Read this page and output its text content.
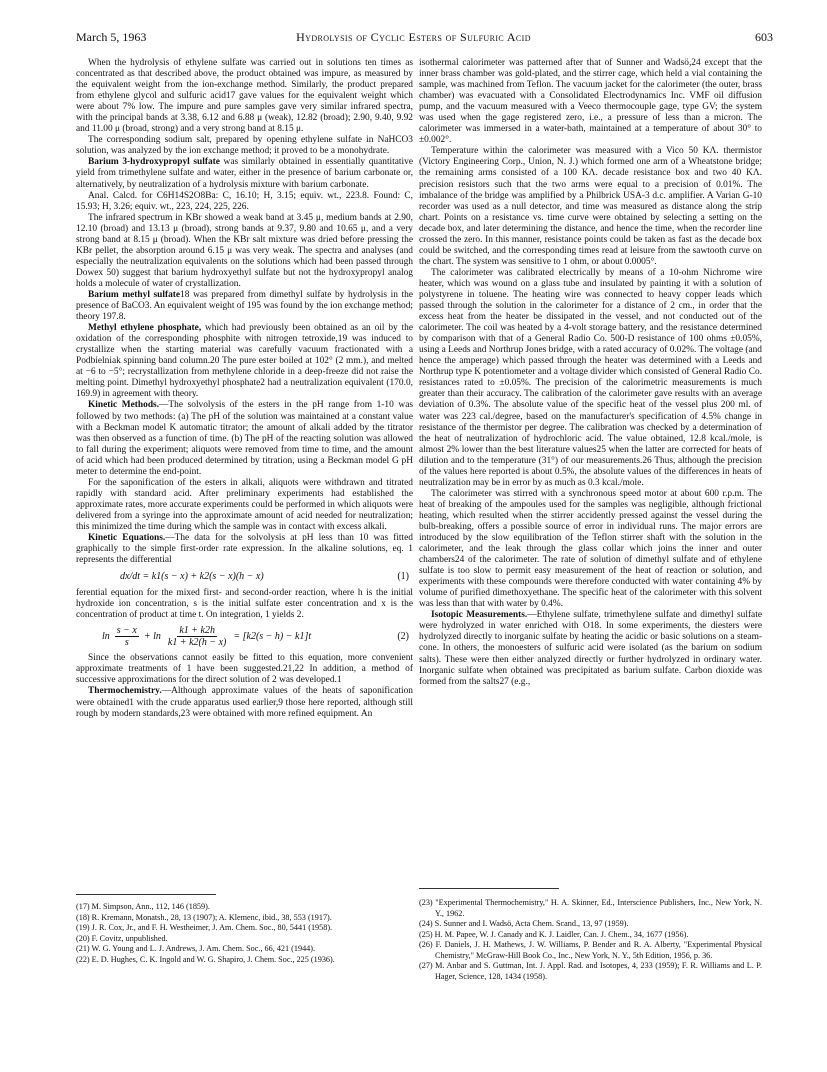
March 5, 1963	Hydrolysis of Cyclic Esters of Sulfuric Acid	603

When the hydrolysis of ethylene sulfate was carried out in solutions ten times as concentrated as that described above, the product obtained was impure, as measured by the equivalent weight from the ion-exchange method. Similarly, the product prepared from ethylene glycol and sulfuric acid17 gave values for the equivalent weight which were about 7% low. The impure and pure samples gave very similar infrared spectra, with the principal bands at 3.38, 6.12 and 6.88 μ (weak), 12.82 (broad); 2.90, 9.40, 9.92 and 11.00 μ (broad, strong) and a very strong band at 8.15 μ.

The corresponding sodium salt, prepared by opening ethylene sulfate in NaHCO3 solution, was analyzed by the ion exchange method; it proved to be a monohydrate.

Barium 3-hydroxypropyl sulfate was similarly obtained in essentially quantitative yield from trimethylene sulfate and water, either in the presence of barium carbonate or, alternatively, by neutralization of a hydrolysis mixture with barium carbonate.

Anal. Calcd. for C6H14S2O8Ba: C, 16.10; H, 3.15; equiv. wt., 223.8. Found: C, 15.93; H, 3.26; equiv. wt., 223, 224, 225, 226.

The infrared spectrum in KBr showed a weak band at 3.45 μ, medium bands at 2.90, 12.10 (broad) and 13.13 μ (broad), strong bands at 9.37, 9.80 and 10.65 μ, and a very strong band at 8.15 μ (broad). When the KBr salt mixture was dried before pressing the KBr pellet, the absorption around 6.15 μ was very weak. The spectra and analyses (and especially the neutralization equivalents on the solutions which had been passed through Dowex 50) suggest that barium hydroxyethyl sulfate but not the hydroxypropyl analog holds a molecule of water of crystallization.

Barium methyl sulfate18 was prepared from dimethyl sulfate by hydrolysis in the presence of BaCO3. An equivalent weight of 195 was found by the ion exchange method; theory 197.8.

Methyl ethylene phosphate, which had previously been obtained as an oil by the oxidation of the corresponding phosphite with nitrogen tetroxide,19 was induced to crystallize when the starting material was carefully vacuum fractionated with a Podbielniak spinning band column.20 The pure ester boiled at 102° (2 mm.), and melted at −6 to −5°; recrystallization from methylene chloride in a deep-freeze did not raise the melting point. Dimethyl hydroxyethyl phosphate2 had a neutralization equivalent (170.0, 169.9) in agreement with theory.

Kinetic Methods.—The solvolysis of the esters in the pH range from 1-10 was followed by two methods: (a) The pH of the solution was maintained at a constant value with a Beckman model K automatic titrator; the amount of alkali added by the titrator was then observed as a function of time. (b) The pH of the reacting solution was allowed to fall during the experiment; aliquots were removed from time to time, and the amount of acid which had been produced determined by titration, using a Beckman model G pH meter to determine the end-point.

For the saponification of the esters in alkali, aliquots were withdrawn and titrated rapidly with standard acid. After preliminary experiments had established the approximate rates, more accurate experiments could be performed in which aliquots were delivered from a syringe into the approximate amount of acid needed for neutralization; this minimized the time during which the sample was in contact with excess alkali.

Kinetic Equations.—The data for the solvolysis at pH less than 10 was fitted graphically to the simple first-order rate expression. In the alkaline solutions, eq. 1 represents the differential

dx/dt = k1(s − x) + k2(s − x)(h − x)	(1)

ferential equation for the mixed first- and second-order reaction, where h is the initial hydroxide ion concentration, s is the initial sulfate ester concentration and x is the concentration of product at time t. On integration, 1 yields 2.

$\ln \frac{s - x}{s} + \ln \frac{k1 + k2h}{k1 + k2(h - x)} = [k2(s - h) - k1]t$	(2)

Since the observations cannot easily be fitted to this equation, more convenient approximate treatments of 1 have been suggested.21,22 In addition, a method of successive approximations for the direct solution of 2 was developed.1

Thermochemistry.—Although approximate values of the heats of saponification were obtained1 with the crude apparatus used earlier,9 those here reported, although still rough by modern standards,23 were obtained with more refined equipment. An

isothermal calorimeter was patterned after that of Sunner and Wadsö,24 except that the inner brass chamber was gold-plated, and the stirrer cage, which held a vial containing the sample, was machined from Teflon. The vacuum jacket for the calorimeter (the outer, brass chamber) was evacuated with a Consolidated Electrodynamics Inc. VMF oil diffusion pump, and the vacuum measured with a Veeco thermocouple gage, type GV; the system was used when the gage registered zero, i.e., a pressure of less than a micron. The calorimeter was immersed in a water-bath, maintained at a temperature of about 30° to ±0.002°.

Temperature within the calorimeter was measured with a Vico 50 KΛ. thermistor (Victory Engineering Corp., Union, N. J.) which formed one arm of a Wheatstone bridge; the remaining arms consisted of a 100 KΛ. decade resistance box and two 40 KΛ. precision resistors such that the two arms were equal to a precision of 0.01%. The imbalance of the bridge was amplified by a Philbrick USA-3 d.c. amplifier. A Varian G-10 recorder was used as a null detector, and time was measured as distance along the strip chart. Points on a resistance vs. time curve were obtained by selecting a setting on the decade box, and later determining the distance, and hence the time, when the recorder line crossed the zero. In this manner, resistance points could be taken as fast as the decade box could be switched, and the corresponding times read at leisure from the sawtooth curve on the chart. The system was sensitive to 1 ohm, or about 0.0005°.

The calorimeter was calibrated electrically by means of a 10-ohm Nichrome wire heater, which was wound on a glass tube and insulated by painting it with a solution of polystyrene in toluene. The heating wire was connected to heavy copper leads which passed through the solution in the calorimeter for a distance of 2 cm., in order that the excess heat from the heater be dissipated in the vessel, and not conducted out of the calorimeter. The coil was heated by a 4-volt storage battery, and the resistance determined by comparison with that of a General Radio Co. 500-D resistance of 100 ohms ±0.05%, using a Leeds and Northrup Jones bridge, with a rated accuracy of 0.02%. The voltage (and hence the amperage) which passed through the heater was determined with a Leeds and Northrup type K potentiometer and a voltage divider which consisted of General Radio Co. resistances rated to ±0.05%. The precision of the calorimetric measurements is much greater than their accuracy. The calibration of the calorimeter gave results with an average deviation of 0.3%. The absolute value of the specific heat of the vessel plus 200 ml. of water was 223 cal./degree, based on the manufacturer's specification of 4.5% change in resistance of the thermistor per degree. The calibration was checked by a determination of the heat of neutralization of hydrochloric acid. The value obtained, 12.8 kcal./mole, is almost 2% lower than the best literature values25 when the latter are corrected for heats of dilution and to the temperature (31°) of our measurements.26 Thus, although the precision of the values here reported is about 0.5%, the absolute values of the differences in heats of neutralization may be in error by as much as 0.3 kcal./mole.

The calorimeter was stirred with a synchronous speed motor at about 600 r.p.m. The heat of breaking of the ampoules used for the samples was negligible, although frictional heating, which resulted when the stirrer accidently pressed against the vessel during the bulb-breaking, offers a possible source of error in individual runs. The major errors are introduced by the slow equilibration of the Teflon stirrer shaft with the solution in the calorimeter, and the leak through the glass collar which joins the inner and outer chambers24 of the calorimeter. The rate of solution of dimethyl sulfate and of ethylene sulfate is too slow to permit easy measurement of the heat of reaction or solution, and experiments with these compounds were therefore conducted with water containing 4% by volume of purified dimethoxyethane. The specific heat of the calorimeter with this solvent was less than that with water by 0.4%.

Isotopic Measurements.—Ethylene sulfate, trimethylene sulfate and dimethyl sulfate were hydrolyzed in water enriched with O18. In some experiments, the diesters were hydrolyzed directly to inorganic sulfate by heating the acidic or basic solutions on a steam-cone. In others, the monoesters of sulfuric acid were isolated (as the barium on sodium salts). These were then either analyzed directly or further hydrolyzed in ordinary water. Inorganic sulfate when obtained was precipitated as barium sulfate. Carbon dioxide was formed from the salts27 (e.g.,

(17) M. Simpson, Ann., 112, 146 (1859).

(18) R. Kremann, Monatsh., 28, 13 (1907); A. Klemenc, ibid., 38, 553 (1917).

(19) J. R. Cox, Jr., and F. H. Westheimer, J. Am. Chem. Soc., 80, 5441 (1958).

(20) F. Covitz, unpublished.

(21) W. G. Young and L. J. Andrews, J. Am. Chem. Soc., 66, 421 (1944).

(22) E. D. Hughes, C. K. Ingold and W. G. Shapiro, J. Chem. Soc., 225 (1936).

(23) "Experimental Thermochemistry," H. A. Skinner, Ed., Interscience Publishers, Inc., New York, N. Y., 1962.

(24) S. Sunner and I. Wadsö, Acta Chem. Scand., 13, 97 (1959).

(25) H. M. Papee, W. J. Canady and K. J. Laidler, Can. J. Chem., 34, 1677 (1956).

(26) F. Daniels, J. H. Mathews, J. W. Williams, P. Bender and R. A. Alberty, "Experimental Physical Chemistry," McGraw-Hill Book Co., Inc., New York, N. Y., 5th Edition, 1956, p. 36.

(27) M. Anbar and S. Guttman, Int. J. Appl. Rad. and Isotopes, 4, 233 (1959); F. R. Williams and L. P. Hager, Science, 128, 1434 (1958).
